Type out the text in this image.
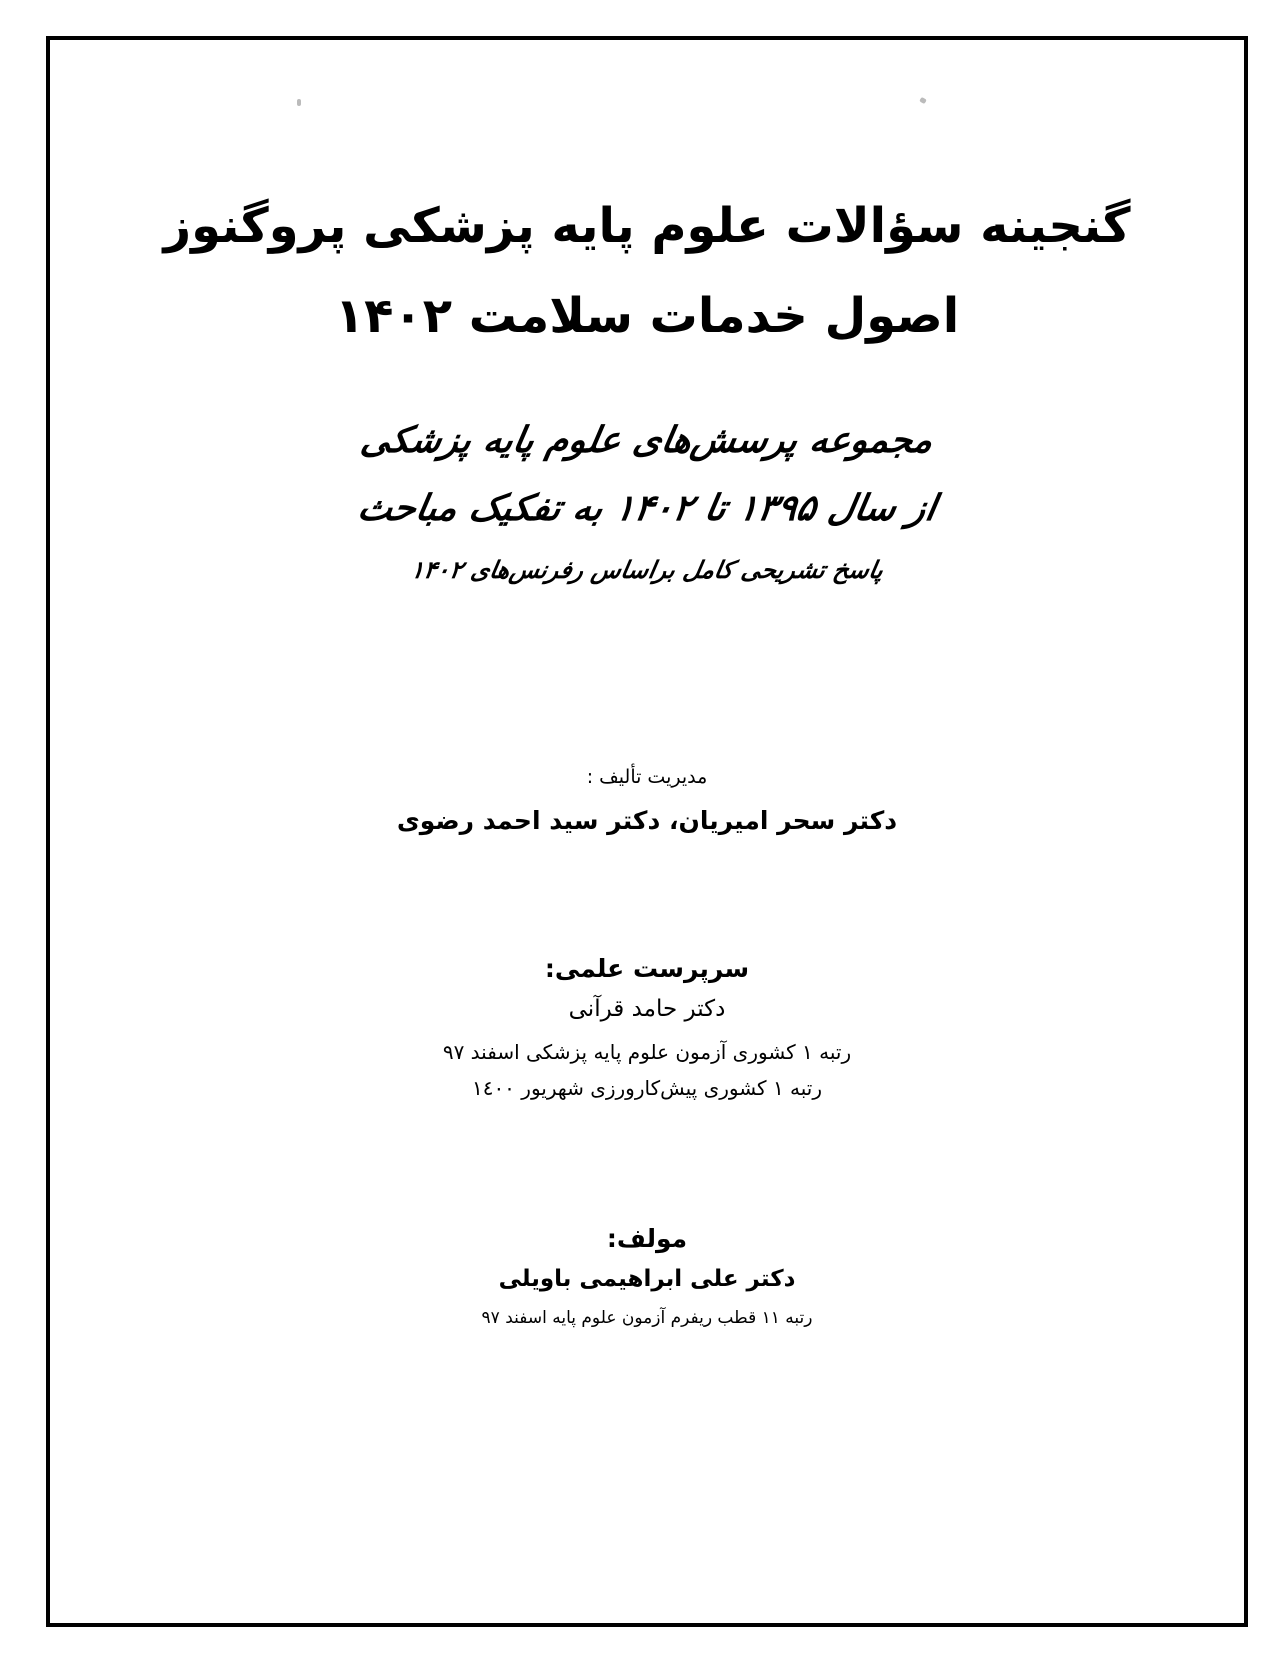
گنجینه سؤالات علوم پایه پزشکی پروگنوز
اصول خدمات سلامت ۱۴۰۲
مجموعه پرسش‌های علوم پایه پزشکی
از سال ۱۳۹۵ تا ۱۴۰۲ به تفکیک مباحث
پاسخ تشریحی کامل براساس رفرنس‌های ۱۴۰۲
مدیریت تألیف :
دکتر سحر امیریان، دکتر سید احمد رضوی
سرپرست علمی:
دکتر حامد قرآنی
رتبه ۱ کشوری آزمون علوم پایه پزشکی اسفند ۹۷
رتبه ۱ کشوری پیش‌کارورزی شهریور ۱٤۰۰
مولف:
دکتر علی ابراهیمی باویلی
رتبه ۱۱ قطب ریفرم آزمون علوم پایه اسفند ۹۷
